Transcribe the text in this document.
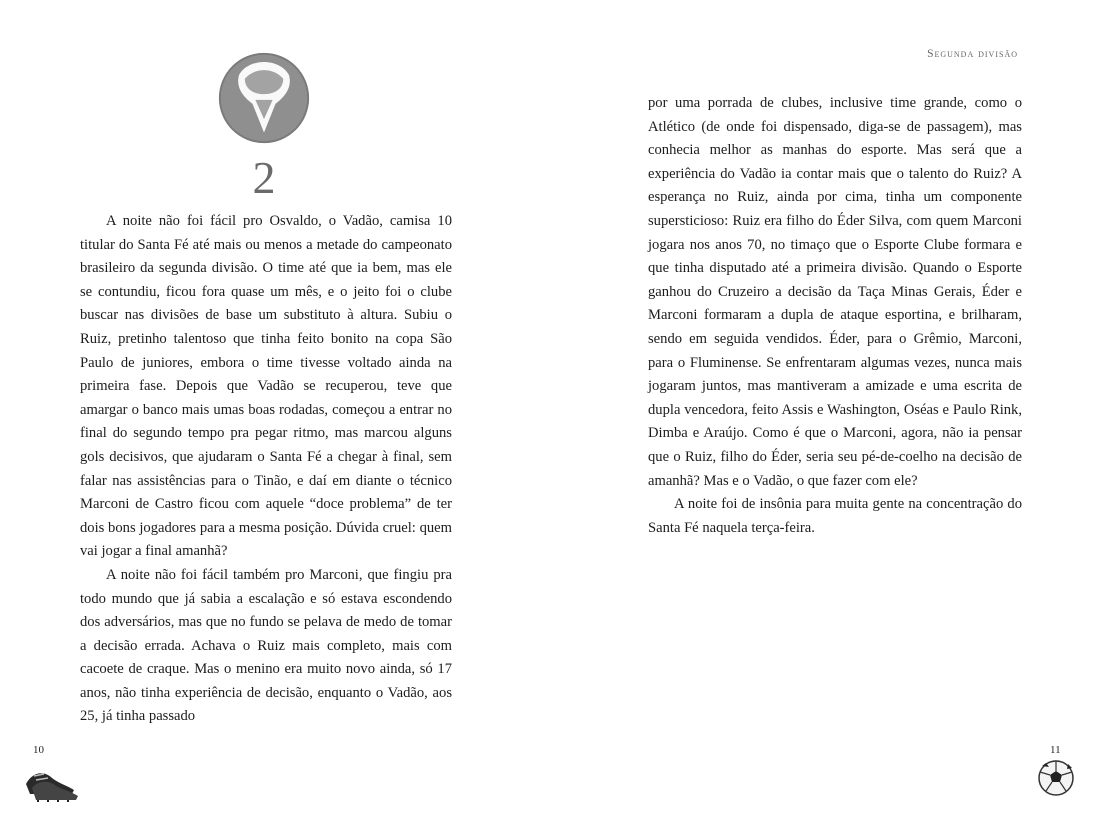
2

A noite não foi fácil pro Osvaldo, o Vadão, camisa 10 titular do Santa Fé até mais ou menos a metade do campeonato brasileiro da segunda divisão. O time até que ia bem, mas ele se contundiu, ficou fora quase um mês, e o jeito foi o clube buscar nas divisões de base um substituto à altura. Subiu o Ruiz, pretinho talentoso que tinha feito bonito na copa São Paulo de juniores, embora o time tivesse voltado ainda na primeira fase. Depois que Vadão se recuperou, teve que amargar o banco mais umas boas rodadas, começou a entrar no final do segundo tempo pra pegar ritmo, mas marcou alguns gols decisivos, que ajudaram o Santa Fé a chegar à final, sem falar nas assistências para o Tinão, e daí em diante o técnico Marconi de Castro ficou com aquele “doce problema” de ter dois bons jogadores para a mesma posição. Dúvida cruel: quem vai jogar a final amanhã?

A noite não foi fácil também pro Marconi, que fingiu pra todo mundo que já sabia a escalação e só estava escondendo dos adversários, mas que no fundo se pelava de medo de tomar a decisão errada. Achava o Ruiz mais completo, mais com cacoete de craque. Mas o menino era muito novo ainda, só 17 anos, não tinha experiência de decisão, enquanto o Vadão, aos 25, já tinha passado

10
Segunda divisão

por uma porrada de clubes, inclusive time grande, como o Atlético (de onde foi dispensado, diga-se de passagem), mas conhecia melhor as manhas do esporte. Mas será que a experiência do Vadão ia contar mais que o talento do Ruiz? A esperança no Ruiz, ainda por cima, tinha um componente supersticioso: Ruiz era filho do Éder Silva, com quem Marconi jogara nos anos 70, no timaço que o Esporte Clube formara e que tinha disputado até a primeira divisão. Quando o Esporte ganhou do Cruzeiro a decisão da Taça Minas Gerais, Éder e Marconi formaram a dupla de ataque esportina, e brilharam, sendo em seguida vendidos. Éder, para o Grêmio, Marconi, para o Fluminense. Se enfrentaram algumas vezes, nunca mais jogaram juntos, mas mantiveram a amizade e uma escrita de dupla vencedora, feito Assis e Washington, Oséas e Paulo Rink, Dimba e Araújo. Como é que o Marconi, agora, não ia pensar que o Ruiz, filho do Éder, seria seu pé-de-coelho na decisão de amanhã? Mas e o Vadão, o que fazer com ele?

A noite foi de insônia para muita gente na concentração do Santa Fé naquela terça-feira.

11
